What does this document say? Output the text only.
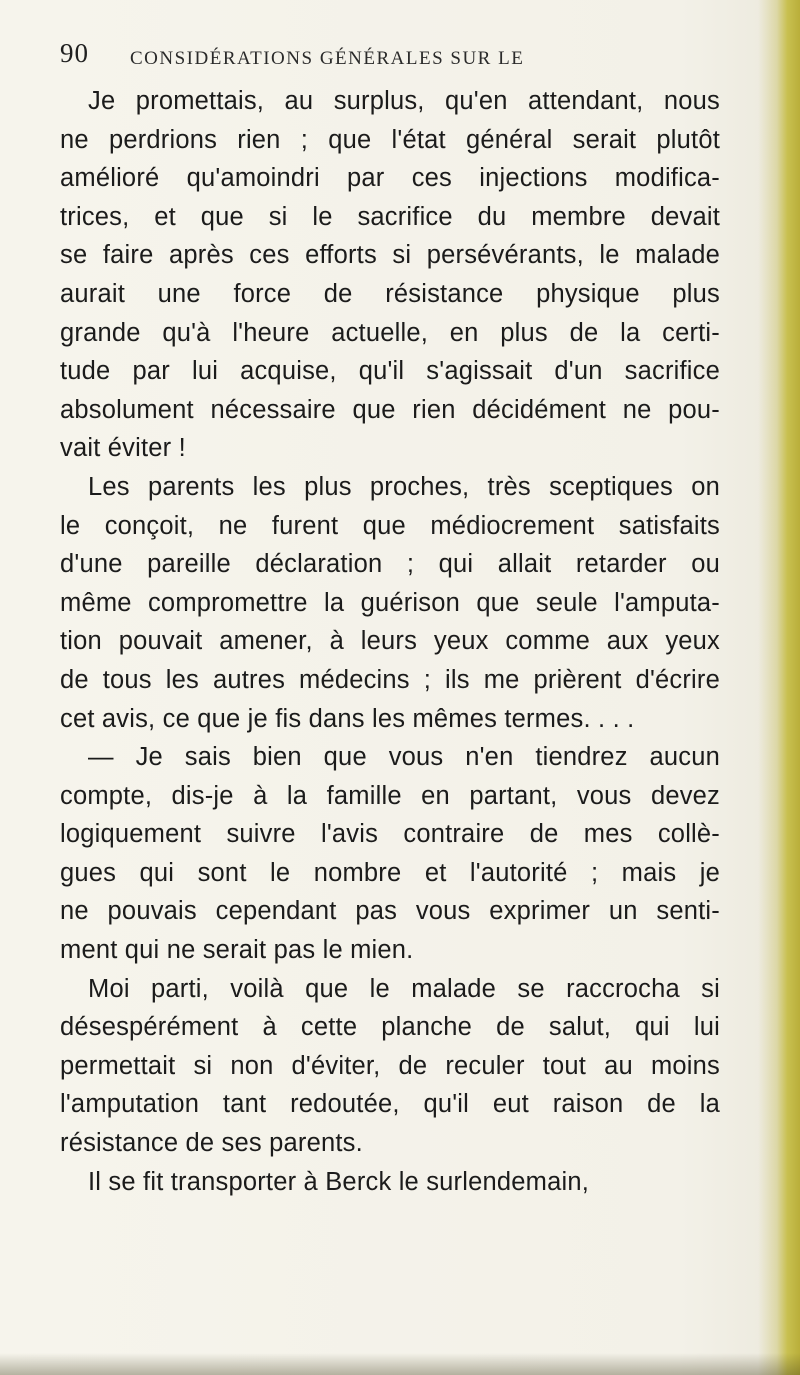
90 CONSIDÉRATIONS GÉNÉRALES SUR LE
Je promettais, au surplus, qu'en attendant, nous
ne perdrions rien ; que l'état général serait plutôt
amélioré qu'amoindri par ces injections modifica-
trices, et que si le sacrifice du membre devait
se faire après ces efforts si persévérants, le malade
aurait une force de résistance physique plus
grande qu'à l'heure actuelle, en plus de la certi-
tude par lui acquise, qu'il s'agissait d'un sacrifice
absolument nécessaire que rien décidément ne pou-
vait éviter !
Les parents les plus proches, très sceptiques on
le conçoit, ne furent que médiocrement satisfaits
d'une pareille déclaration ; qui allait retarder ou
même compromettre la guérison que seule l'amputa-
tion pouvait amener, à leurs yeux comme aux yeux
de tous les autres médecins ; ils me prièrent d'écrire
cet avis, ce que je fis dans les mêmes termes. . . .
— Je sais bien que vous n'en tiendrez aucun
compte, dis-je à la famille en partant, vous devez
logiquement suivre l'avis contraire de mes collè-
gues qui sont le nombre et l'autorité ; mais je
ne pouvais cependant pas vous exprimer un senti-
ment qui ne serait pas le mien.
Moi parti, voilà que le malade se raccrocha si
désespérément à cette planche de salut, qui lui
permettait si non d'éviter, de reculer tout au moins
l'amputation tant redoutée, qu'il eut raison de la
résistance de ses parents.
Il se fit transporter à Berck le surlendemain,
